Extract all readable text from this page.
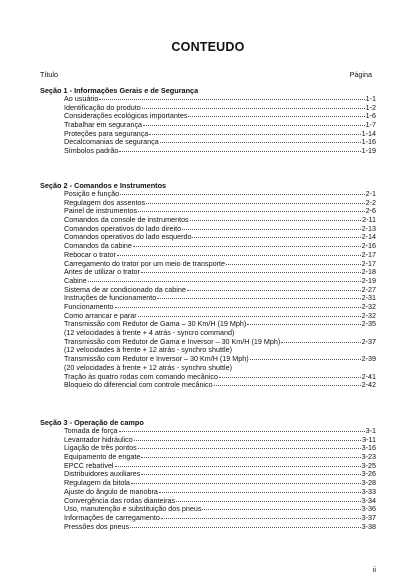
CONTEUDO
Título	Página
Seção 1 - Informações Gerais e de Segurança
Ao usuário	1-1
Identificação do produto	1-2
Considerações ecológicas importantes	1-6
Trabalhar em segurança	1-7
Proteções para segurança	1-14
Decalcomanias de segurança	1-16
Símbolos padrão	1-19
Seção 2 - Comandos e Instrumentos
Posição e função	2-1
Regulagem dos assentos	2-2
Painel de instrumentos	2-6
Comandos da console de instrumentos	2-11
Comandos operativos do lado direito	2-13
Comandos operativos do lado esquerdo	2-14
Comandos da cabine	2-16
Rebocar o trator	2-17
Carregamento do trator por um meio de transporte	2-17
Antes de utilizar o trator	2-18
Cabine	2-19
Sistema de ar condicionado da cabine	2-27
Instruções de funcionamento	2-31
Funcionamento	2-32
Como arrancar e parar	2-32
Transmissão com Redutor de Gama – 30 Km/H (19 Mph)
(12 velocidades à frente + 4 atrás - syncro command)
2-35
Transmissão com Redutor de Gama e Inversor – 30 Km/H (19 Mph)
(12 velocidades à frente + 12 atrás - synchro shuttle)
2-37
Transmissão com Redutor e Inversor – 30 Km/H (19 Mph)
(20 velocidades à frente + 12 atrás - synchro shuttle)
2-39
Tração às quatro rodas com comando mecânico	2-41
Bloqueio do diferencial com controle mecânico	2-42
Seção 3 - Operação de campo
Tomada de força	3-1
Levantador hidráulico	3-11
Ligação de três pontos	3-16
Equipamento de engate	3-23
EPCC rebatível	3-25
Distribuidores auxiliares	3-26
Regulagem da bitola	3-28
Ajuste do ângulo de manobra	3-33
Convergência das rodas dianteiras	3-34
Uso, manutenção e substituição dos pneus	3-36
Informações de carregamento	3-37
Pressões dos pneus	3-38
ii
